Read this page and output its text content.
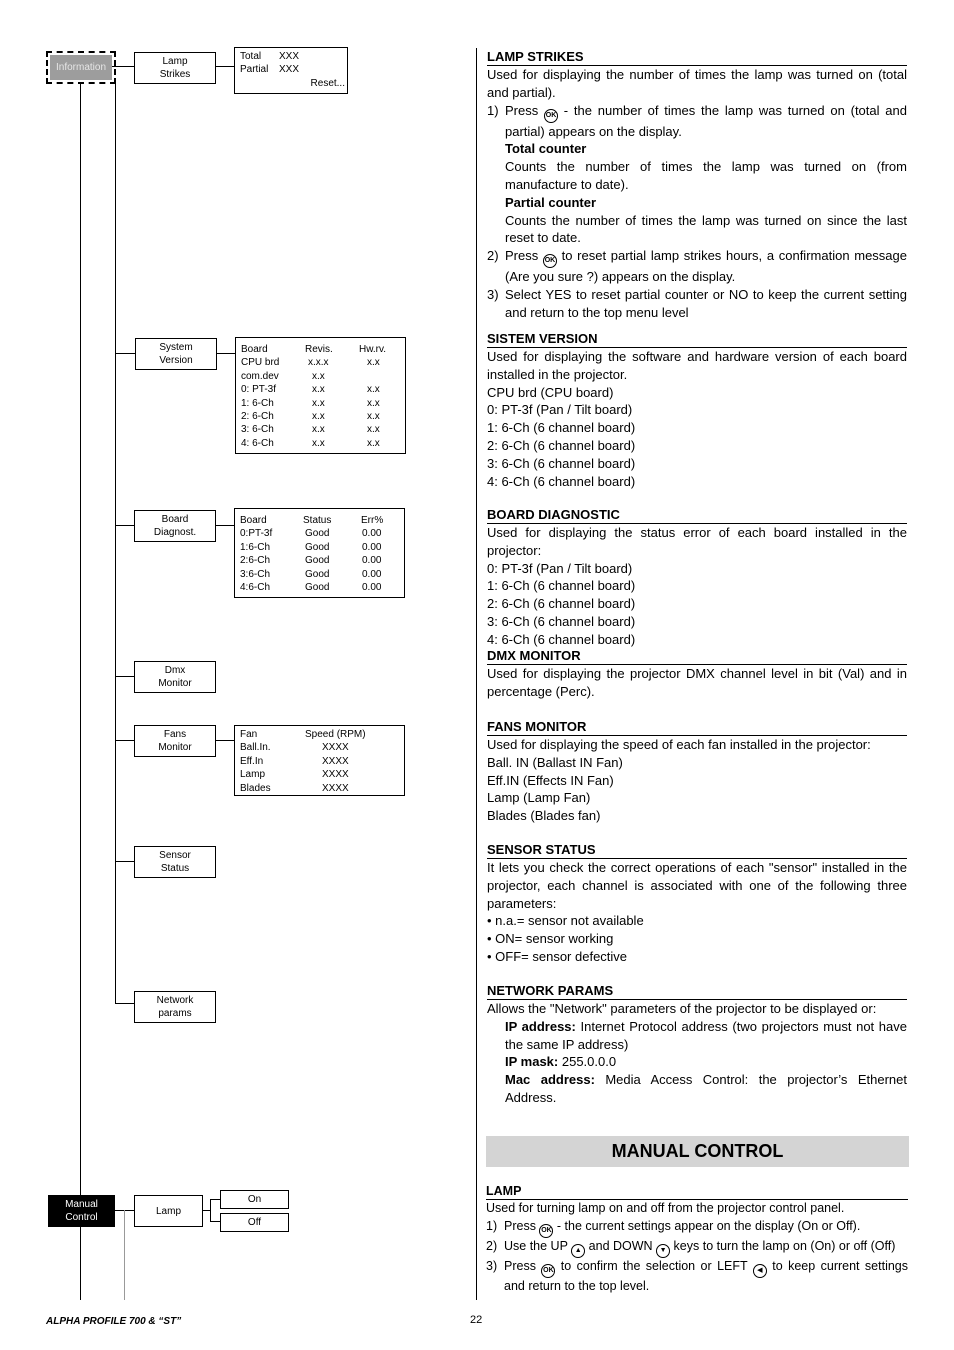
Information
Lamp
Strikes
Total XXX
Partial XXX
Reset...
System
Version
Board	Revis.	Hw.rv.
CPU brd	x.x.x	x.x
com.dev	x.x
0: PT-3f	x.x	x.x
1: 6-Ch	x.x	x.x
2: 6-Ch	x.x	x.x
3: 6-Ch	x.x	x.x
4: 6-Ch	x.x	x.x
Board
Diagnost.
Board	Status	Err%
0:PT-3f	Good	0.00
1:6-Ch	Good	0.00
2:6-Ch	Good	0.00
3:6-Ch	Good	0.00
4:6-Ch	Good	0.00
Dmx
Monitor
Fans
Monitor
Fan	Speed (RPM)
Ball.In.	XXXX
Eff.In	XXXX
Lamp	XXXX
Blades	XXXX
Sensor
Status
Network
params
Manual
Control
Lamp
On
Off
LAMP STRIKES

Used for displaying the number of times the lamp was turned on (total and partial).

1) Press OK - the number of times the lamp was turned on (total and partial) appears on the display.

Total counter

Counts the number of times the lamp was turned on (from manufacture to date).

Partial counter

Counts the number of times the lamp was turned on since the last reset to date.

2) Press OK to reset partial lamp strikes hours, a confirmation message (Are you sure ?) appears on the display.

3) Select YES to reset partial counter or NO to keep the current setting and return to the top menu level

SISTEM VERSION

Used for displaying the software and hardware version of each board installed in the projector.

CPU brd (CPU board)

0: PT-3f (Pan / Tilt board)

1: 6-Ch (6 channel board)

2: 6-Ch (6 channel board)

3: 6-Ch (6 channel board)

4: 6-Ch (6 channel board)

BOARD DIAGNOSTIC

Used for displaying the status error of each board installed in the projector:

0: PT-3f (Pan / Tilt board)

1: 6-Ch (6 channel board)

2: 6-Ch (6 channel board)

3: 6-Ch (6 channel board)

4: 6-Ch (6 channel board)

DMX MONITOR

Used for displaying the projector DMX channel level in bit (Val) and in percentage (Perc).

FANS MONITOR

Used for displaying the speed of each fan installed in the projector:

Ball. IN (Ballast IN Fan)

Eff.IN (Effects IN Fan)

Lamp (Lamp Fan)

Blades (Blades fan)

SENSOR STATUS

It lets you check the correct operations of each "sensor" installed in the projector, each channel is associated with one of the following three parameters:

• n.a.= sensor not available

• ON= sensor working

• OFF= sensor defective

NETWORK PARAMS

Allows the "Network" parameters of the projector to be displayed or:

IP address: Internet Protocol address (two projectors must not have the same IP address)

IP mask: 255.0.0.0

Mac address: Media Access Control: the projector’s Ethernet Address.

MANUAL CONTROL
LAMP

Used for turning lamp on and off from the projector control panel.

1) Press OK - the current settings appear on the display (On or Off).

2) Use the UP ▲ and DOWN ▼ keys to turn the lamp on (On) or off (Off)

3) Press OK to confirm the selection or LEFT ◀ to keep current settings and return to the top level.

ALPHA PROFILE 700 & “ST”	22
